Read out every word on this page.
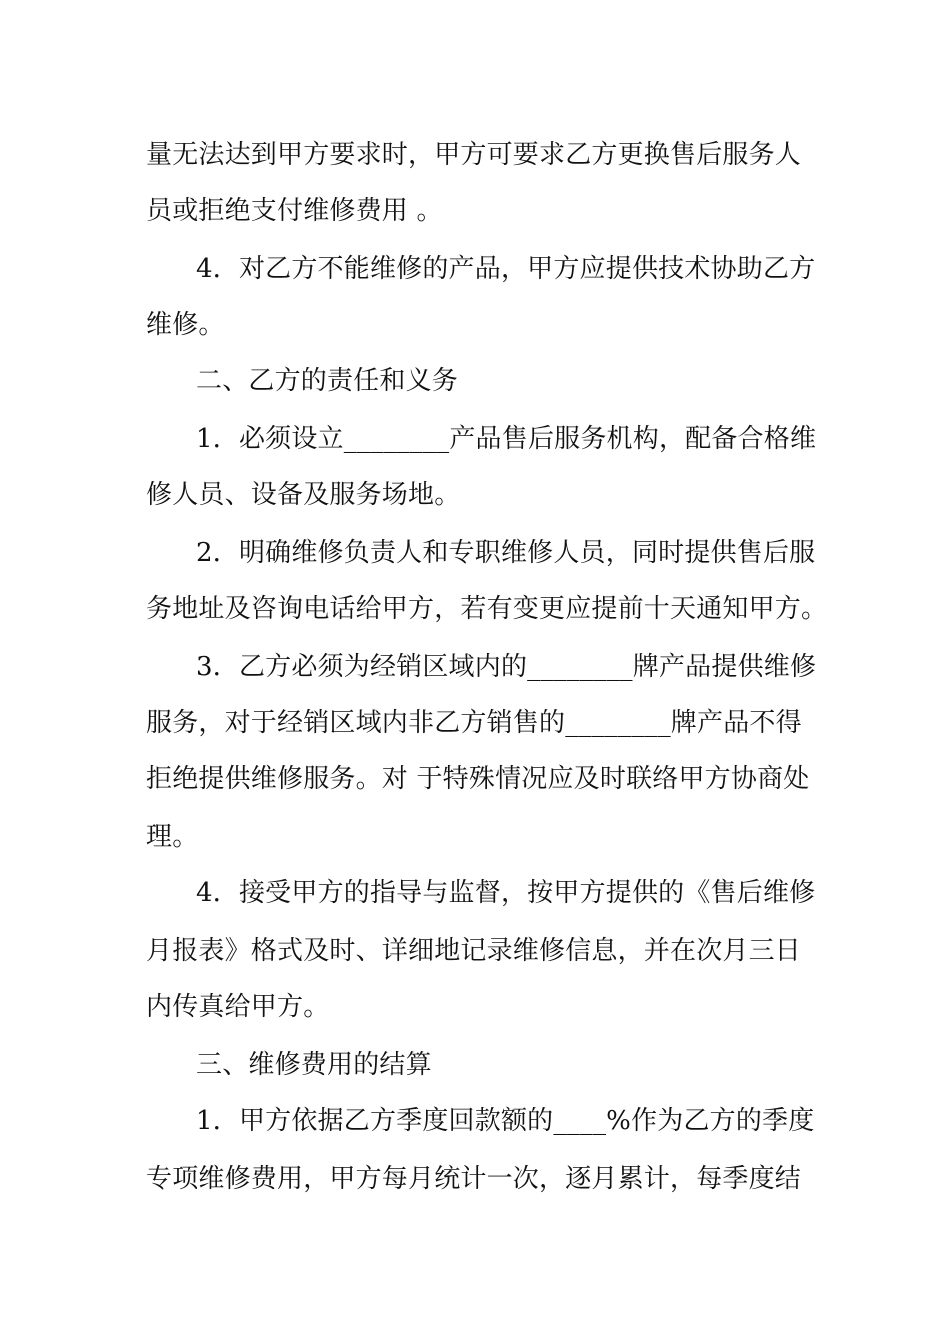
量无法达到甲方要求时，甲方可要求乙方更换售后服务人
员或拒绝支付维修费用 。
4．对乙方不能维修的产品，甲方应提供技术协助乙方
维修。
二、乙方的责任和义务
1．必须设立________产品售后服务机构，配备合格维
修人员、设备及服务场地。
2．明确维修负责人和专职维修人员，同时提供售后服
务地址及咨询电话给甲方，若有变更应提前十天通知甲方。
3．乙方必须为经销区域内的________牌产品提供维修
服务，对于经销区域内非乙方销售的________牌产品不得
拒绝提供维修服务。对 于特殊情况应及时联络甲方协商处
理。
4．接受甲方的指导与监督，按甲方提供的《售后维修
月报表》格式及时、详细地记录维修信息，并在次月三日
内传真给甲方。
三、维修费用的结算
1．甲方依据乙方季度回款额的____%作为乙方的季度
专项维修费用，甲方每月统计一次，逐月累计，每季度结
